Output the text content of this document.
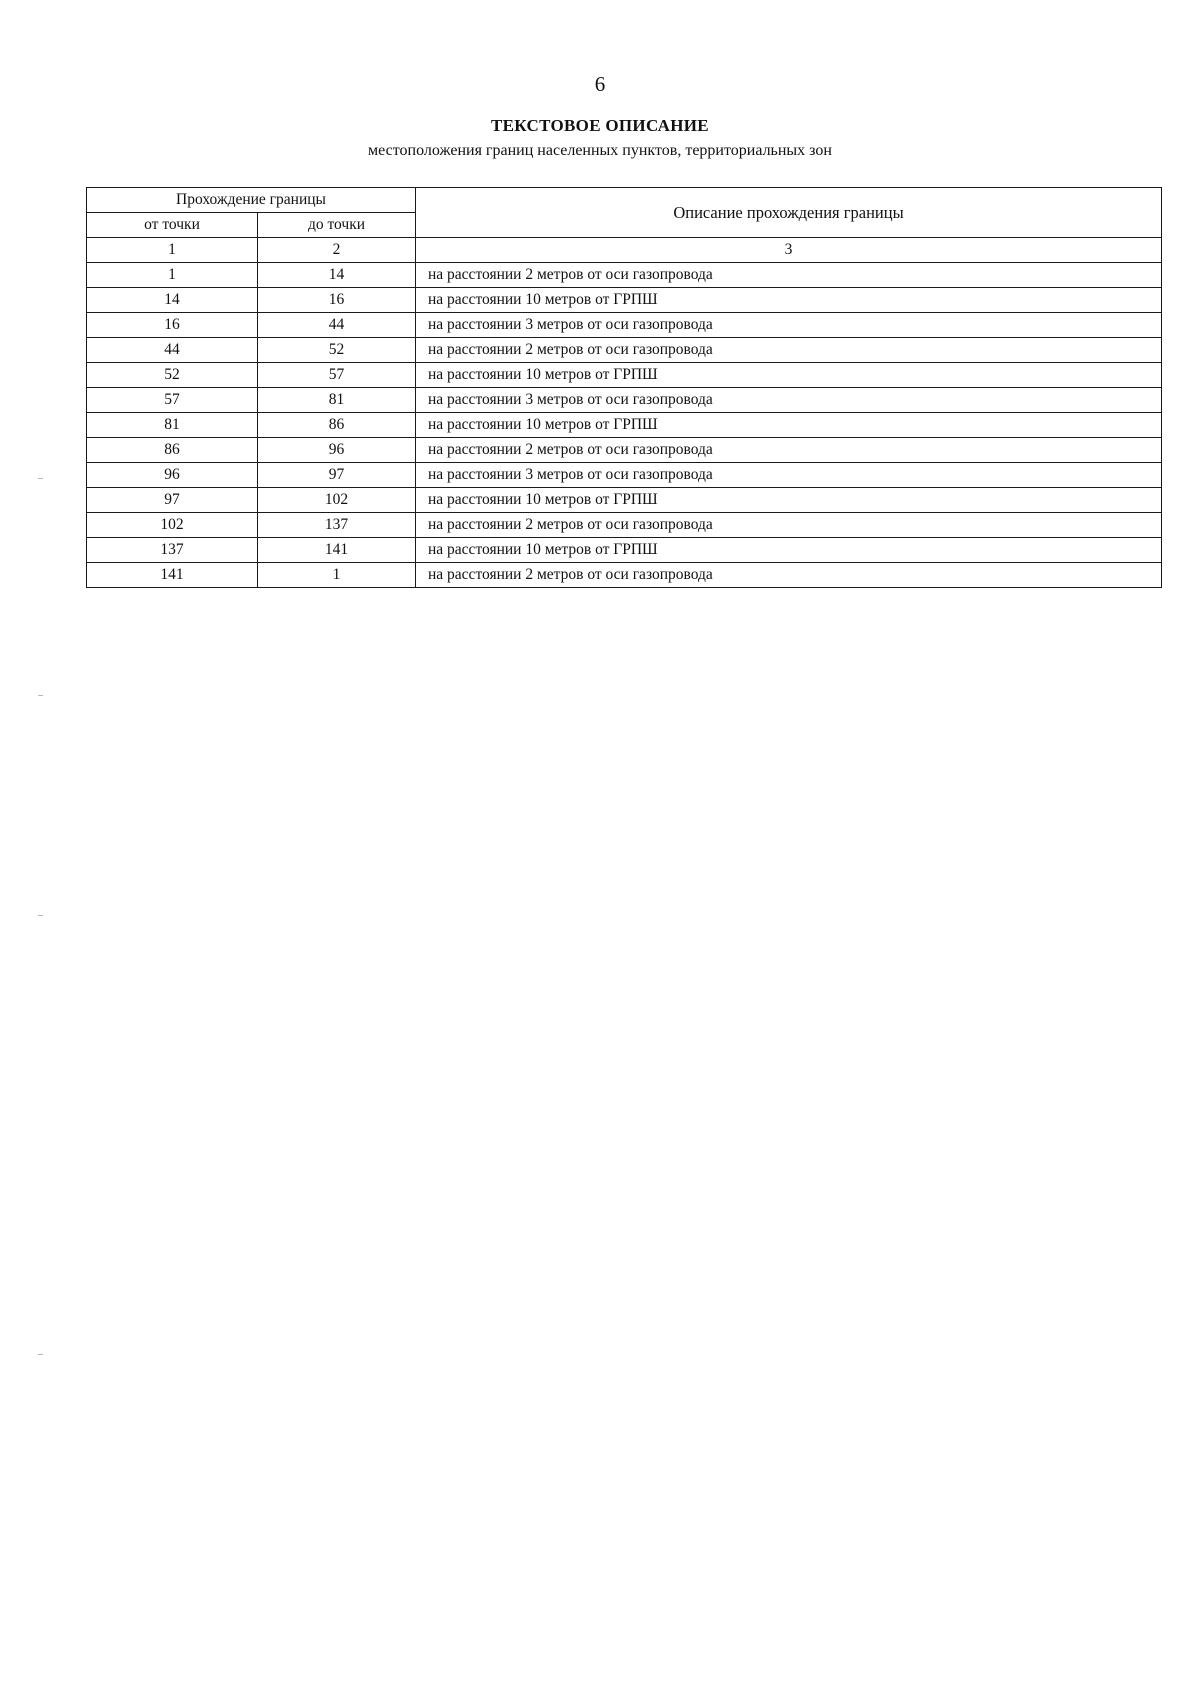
6
ТЕКСТОВОЕ ОПИСАНИЕ
местоположения границ населенных пунктов, территориальных зон
Прохождение границы		Описание прохождения границы
от точки	до точки	
1	2	3
1	14	на расстоянии 2 метров от оси газопровода
14	16	на расстоянии 10 метров от ГРПШ
16	44	на расстоянии 3 метров от оси газопровода
44	52	на расстоянии 2 метров от оси газопровода
52	57	на расстоянии 10 метров от ГРПШ
57	81	на расстоянии 3 метров от оси газопровода
81	86	на расстоянии 10 метров от ГРПШ
86	96	на расстоянии 2 метров от оси газопровода
96	97	на расстоянии 3 метров от оси газопровода
97	102	на расстоянии 10 метров от ГРПШ
102	137	на расстоянии 2 метров от оси газопровода
137	141	на расстоянии 10 метров от ГРПШ
141	1	на расстоянии 2 метров от оси газопровода
